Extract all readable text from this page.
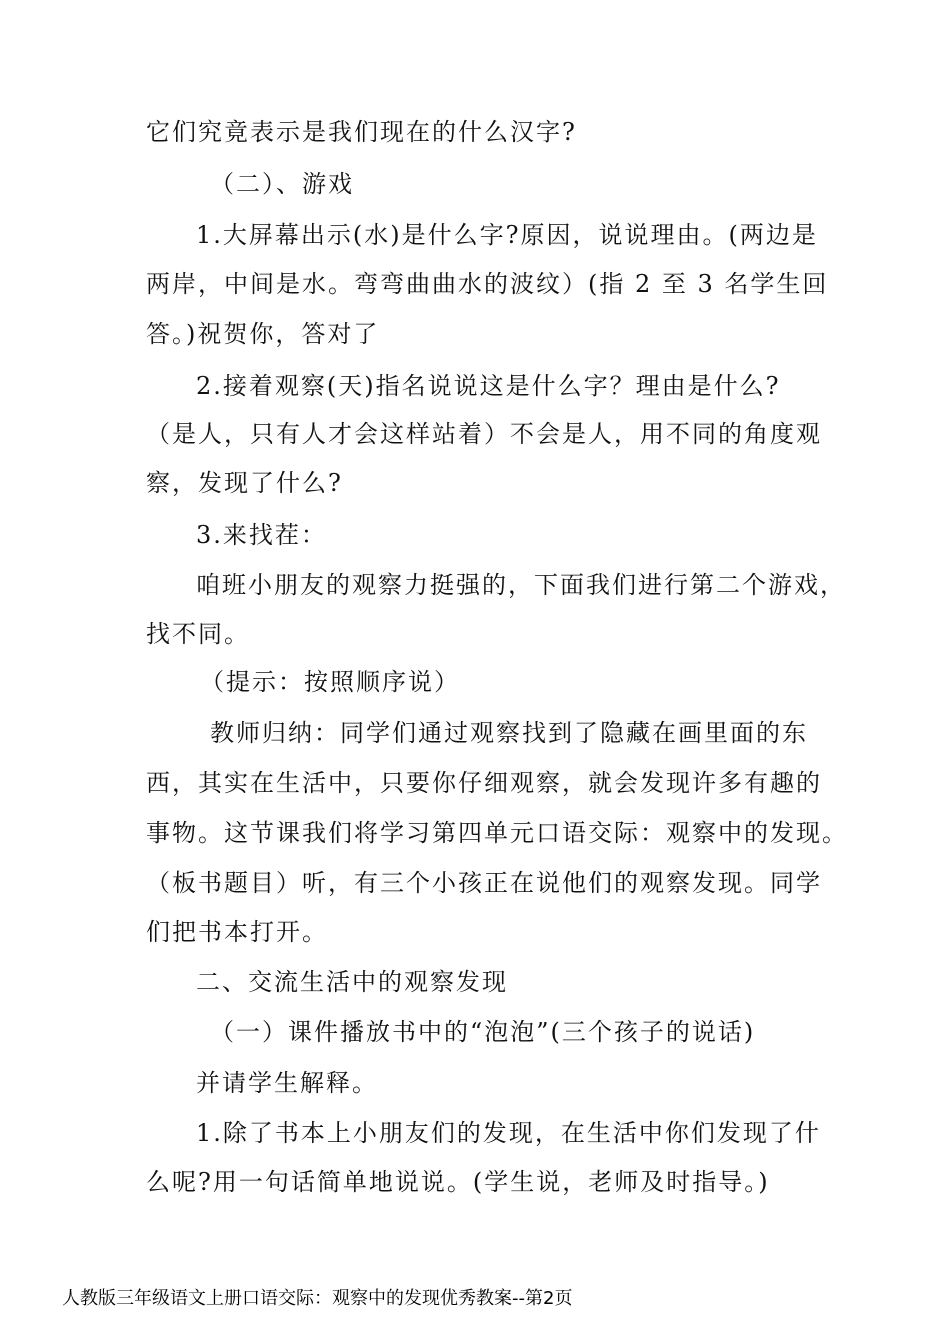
它们究竟表示是我们现在的什么汉字?
（二）、游戏
1.大屏幕出示(水)是什么字?原因，说说理由。(两边是
两岸，中间是水。弯弯曲曲水的波纹）(指 2 至 3 名学生回
答。)祝贺你，答对了
2.接着观察(天)指名说说这是什么字？理由是什么?
（是人，只有人才会这样站着）不会是人，用不同的角度观
察，发现了什么?
3.来找茬：
咱班小朋友的观察力挺强的，下面我们进行第二个游戏，
找不同。
（提示：按照顺序说）
教师归纳：同学们通过观察找到了隐藏在画里面的东
西，其实在生活中，只要你仔细观察，就会发现许多有趣的
事物。这节课我们将学习第四单元口语交际：观察中的发现。
（板书题目）听，有三个小孩正在说他们的观察发现。同学
们把书本打开。
二、交流生活中的观察发现
（一）课件播放书中的“泡泡”(三个孩子的说话)
并请学生解释。
1.除了书本上小朋友们的发现，在生活中你们发现了什
么呢?用一句话简单地说说。(学生说，老师及时指导。)
人教版三年级语文上册口语交际：观察中的发现优秀教案--第2页
